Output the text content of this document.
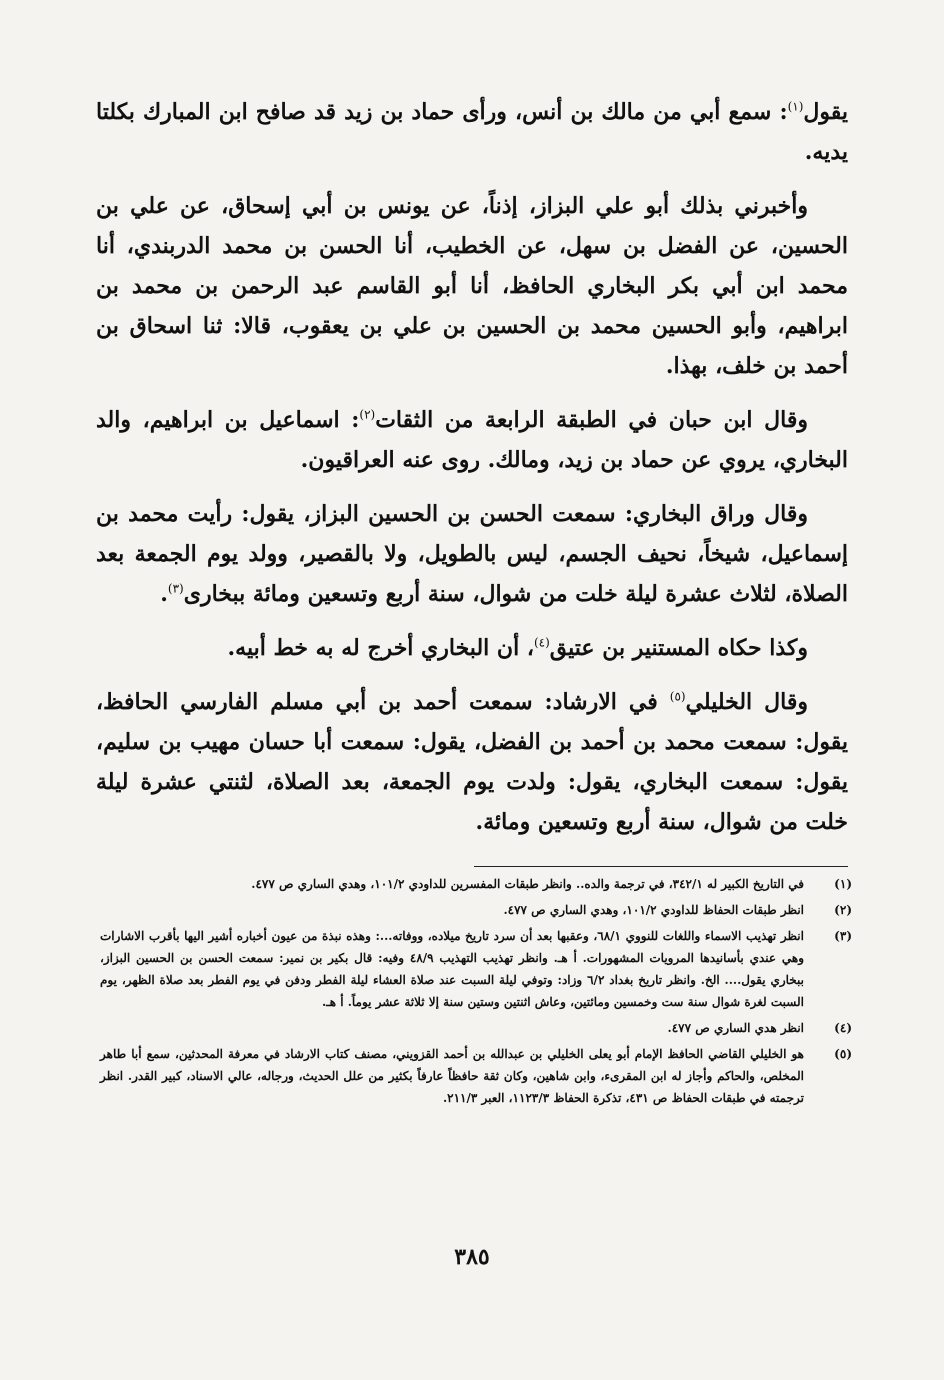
يقول$^{(١)}$: سمع أبي من مالك بن أنس، ورأى حماد بن زيد قد صافح ابن المبارك بكلتا يديه.

وأخبرني بذلك أبو علي البزاز، إذناً، عن يونس بن أبي إسحاق، عن علي بن الحسين، عن الفضل بن سهل، عن الخطيب، أنا الحسن بن محمد الدربندي، أنا محمد ابن أبي بكر البخاري الحافظ، أنا أبو القاسم عبد الرحمن بن محمد بن ابراهيم، وأبو الحسين محمد بن الحسين بن علي بن يعقوب، قالا: ثنا اسحاق بن أحمد بن خلف، بهذا.

وقال ابن حبان في الطبقة الرابعة من الثقات$^{(٢)}$: اسماعيل بن ابراهيم، والد البخاري، يروي عن حماد بن زيد، ومالك. روى عنه العراقيون.

وقال وراق البخاري: سمعت الحسن بن الحسين البزاز، يقول: رأيت محمد بن إسماعيل، شيخاً، نحيف الجسم، ليس بالطويل، ولا بالقصير، وولد يوم الجمعة بعد الصلاة، لثلاث عشرة ليلة خلت من شوال، سنة أربع وتسعين ومائة ببخارى$^{(٣)}$.

وكذا حكاه المستنير بن عتيق$^{(٤)}$، أن البخاري أخرج له به خط أبيه.

وقال الخليلي$^{(٥)}$ في الارشاد: سمعت أحمد بن أبي مسلم الفارسي الحافظ، يقول: سمعت محمد بن أحمد بن الفضل، يقول: سمعت أبا حسان مهيب بن سليم، يقول: سمعت البخاري، يقول: ولدت يوم الجمعة، بعد الصلاة، لثنتي عشرة ليلة خلت من شوال، سنة أربع وتسعين ومائة.

(١)
في التاريخ الكبير له ٣٤٢/١، في ترجمة والده.. وانظر طبقات المفسرين للداودي ١٠١/٢، وهدي الساري ص ٤٧٧.
(٢)
انظر طبقات الحفاظ للداودي ١٠١/٢، وهدي الساري ص ٤٧٧.
(٣)
انظر تهذيب الاسماء واللغات للنووي ٦٨/١، وعقبها بعد أن سرد تاريخ ميلاده، ووفاته...: وهذه نبذة من عيون أخباره أشير اليها بأقرب الاشارات وهي عندي بأسانيدها المرويات المشهورات. أ هـ. وانظر تهذيب التهذيب ٤٨/٩ وفيه: قال بكير بن نمير: سمعت الحسن بن الحسين البزاز، ببخاري يقول.... الخ. وانظر تاريخ بغداد ٦/٢ وزاد: وتوفي ليلة السبت عند صلاة العشاء ليلة الفطر ودفن في يوم الفطر بعد صلاة الظهر، يوم السبت لغرة شوال سنة ست وخمسين ومائتين، وعاش اثنتين وستين سنة إلا ثلاثة عشر يوماً. أ هـ.
(٤)
انظر هدي الساري ص ٤٧٧.
(٥)
هو الخليلي القاضي الحافظ الإمام أبو يعلى الخليلي بن عبدالله بن أحمد القزويني، مصنف كتاب الارشاد في معرفة المحدثين، سمع أبا طاهر المخلص، والحاكم وأجاز له ابن المقرىء، وابن شاهين، وكان ثقة حافظاً عارفاً بكثير من علل الحديث، ورجاله، عالي الاسناد، كبير القدر. انظر ترجمته في طبقات الحفاظ ص ٤٣١، تذكرة الحفاظ ١١٢٣/٣، العبر ٢١١/٣.
٣٨٥
